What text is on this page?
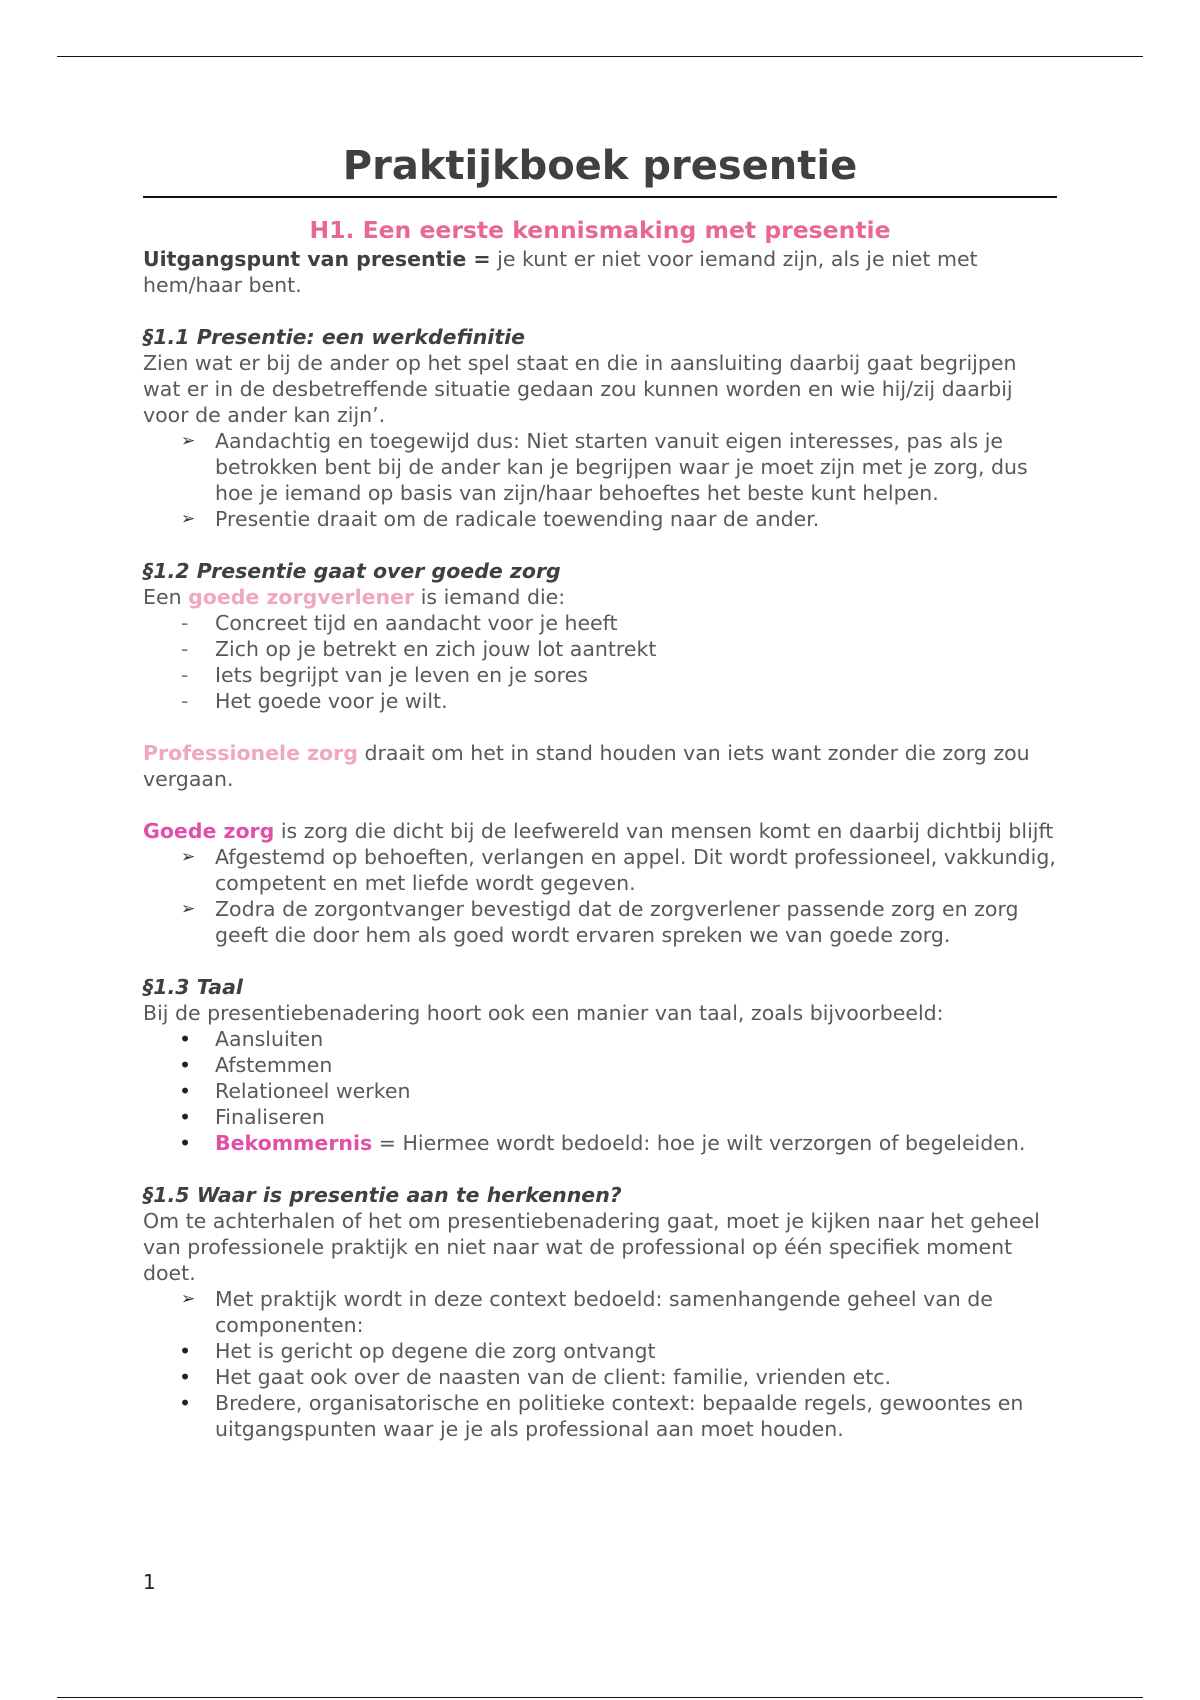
Praktijkboek presentie
H1. Een eerste kennismaking met presentie

Uitgangspunt van presentie = je kunt er niet voor iemand zijn, als je niet met hem/haar bent.

§1.1 Presentie: een werkdefinitie

Zien wat er bij de ander op het spel staat en die in aansluiting daarbij gaat begrijpen wat er in de desbetreffende situatie gedaan zou kunnen worden en wie hij/zij daarbij voor de ander kan zijn’.

➢ Aandachtig en toegewijd dus: Niet starten vanuit eigen interesses, pas als je betrokken bent bij de ander kan je begrijpen waar je moet zijn met je zorg, dus hoe je iemand op basis van zijn/haar behoeftes het beste kunt helpen.
➢ Presentie draait om de radicale toewending naar de ander.

§1.2 Presentie gaat over goede zorg

Een goede zorgverlener is iemand die:

-	Concreet tijd en aandacht voor je heeft
-	Zich op je betrekt en zich jouw lot aantrekt
-	Iets begrijpt van je leven en je sores
-	Het goede voor je wilt.

Professionele zorg draait om het in stand houden van iets want zonder die zorg zou vergaan.

Goede zorg is zorg die dicht bij de leefwereld van mensen komt en daarbij dichtbij blijft

➢ Afgestemd op behoeften, verlangen en appel. Dit wordt professioneel, vakkundig, competent en met liefde wordt gegeven.
➢ Zodra de zorgontvanger bevestigd dat de zorgverlener passende zorg en zorg geeft die door hem als goed wordt ervaren spreken we van goede zorg.

§1.3 Taal

Bij de presentiebenadering hoort ook een manier van taal, zoals bijvoorbeeld:

•	Aansluiten
•	Afstemmen
•	Relationeel werken
•	Finaliseren
•	Bekommernis = Hiermee wordt bedoeld: hoe je wilt verzorgen of begeleiden.

§1.5 Waar is presentie aan te herkennen?

Om te achterhalen of het om presentiebenadering gaat, moet je kijken naar het geheel van professionele praktijk en niet naar wat de professional op één specifiek moment doet.

➢ Met praktijk wordt in deze context bedoeld: samenhangende geheel van de componenten:
•	Het is gericht op degene die zorg ontvangt
•	Het gaat ook over de naasten van de client: familie, vrienden etc.
•	Bredere, organisatorische en politieke context: bepaalde regels, gewoontes en uitgangspunten waar je je als professional aan moet houden.
1
